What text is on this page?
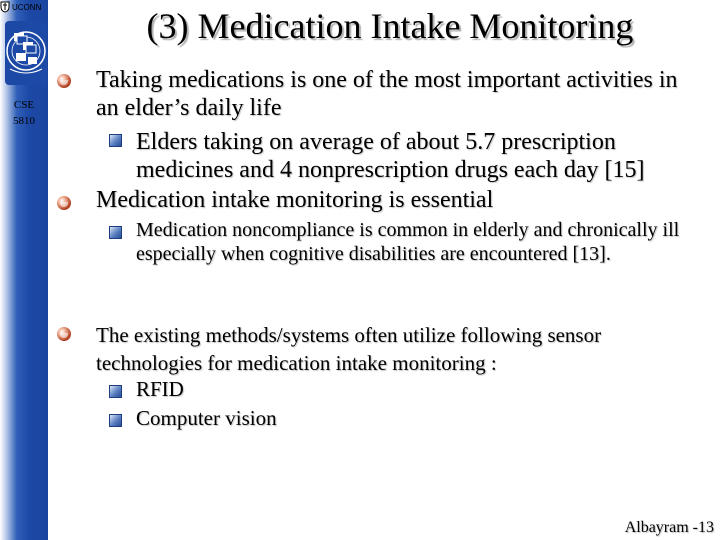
UCONN
CSE 5810
(3) Medication Intake Monitoring
Taking medications is one of the most important activities in an elder’s daily life
Elders taking on average of about 5.7 prescription medicines and 4 nonprescription drugs each day [15]
Medication intake monitoring is essential
Medication noncompliance is common in elderly and chronically ill especially when cognitive disabilities are encountered [13].
The existing methods/systems often utilize following sensor technologies for medication intake monitoring :
RFID
Computer vision
Albayram -13
